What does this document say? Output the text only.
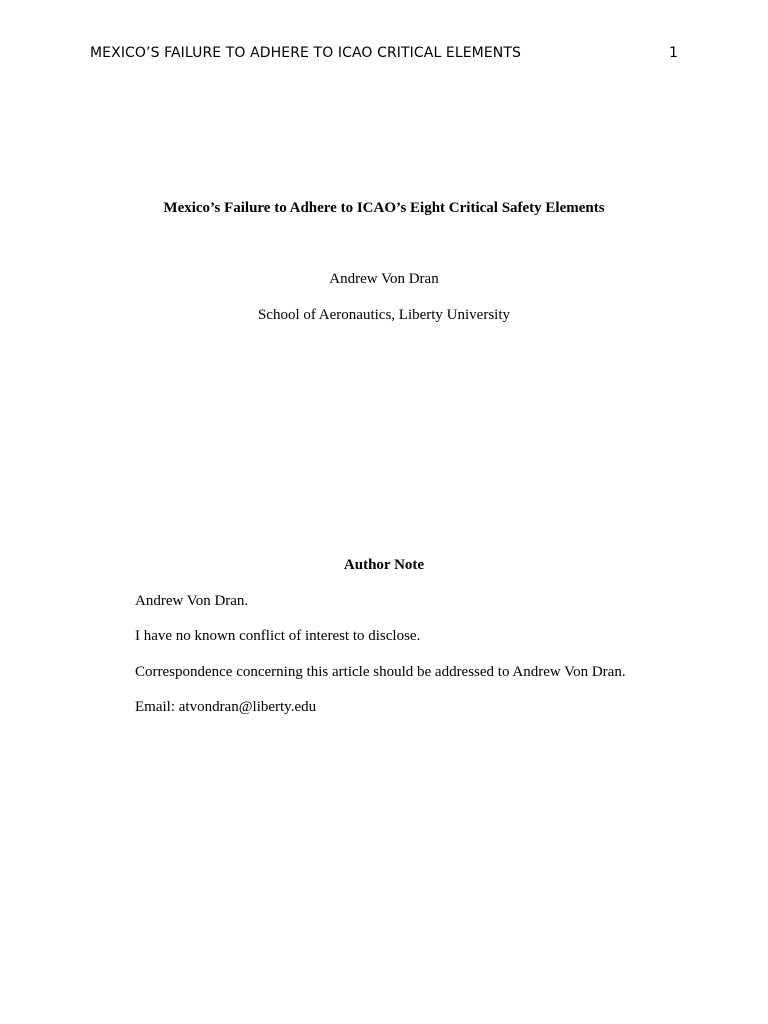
MEXICO’S FAILURE TO ADHERE TO ICAO CRITICAL ELEMENTS	1
Mexico’s Failure to Adhere to ICAO’s Eight Critical Safety Elements
Andrew Von Dran
School of Aeronautics, Liberty University
Author Note
Andrew Von Dran.
I have no known conflict of interest to disclose.
Correspondence concerning this article should be addressed to Andrew Von Dran.
Email: atvondran@liberty.edu
